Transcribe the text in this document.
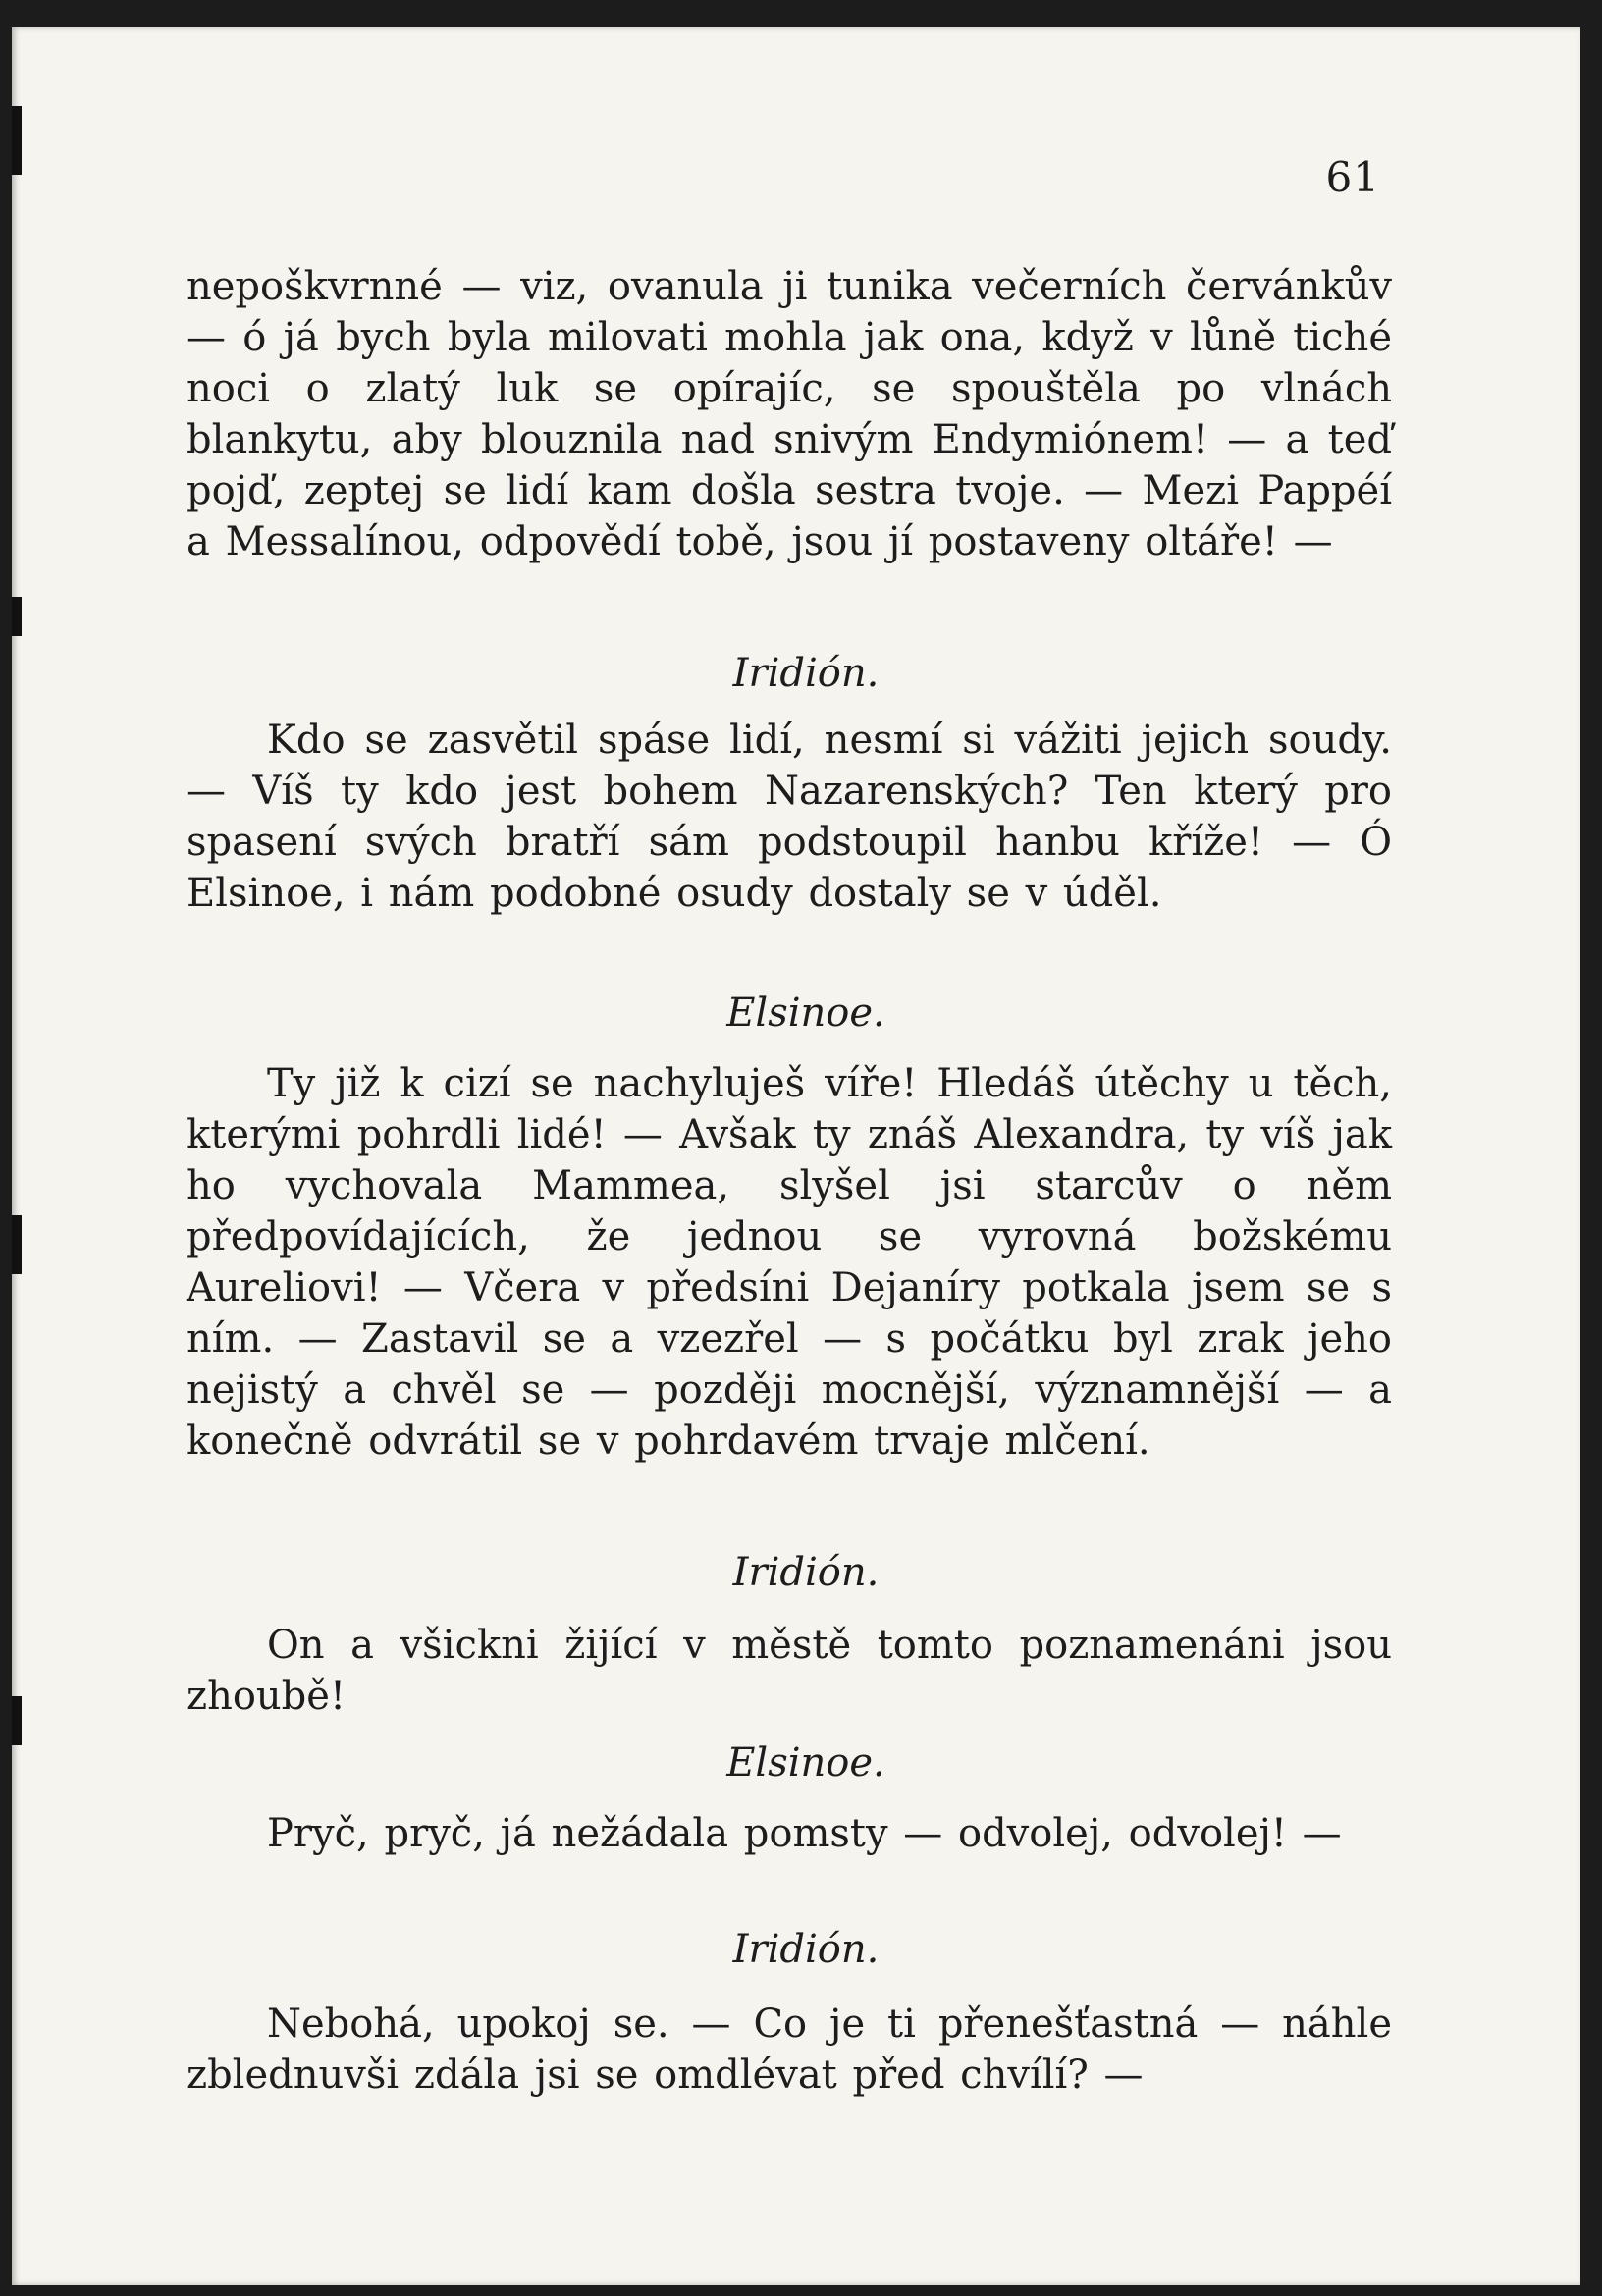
61

nepoškvrnné — viz, ovanula ji tunika večerních červánkův — ó já bych byla milovati mohla jak ona, když v lůně tiché noci o zlatý luk se opírajíc, se spouštěla po vlnách blankytu, aby blouznila nad snivým Endymiónem! — a teď pojď, zeptej se lidí kam došla sestra tvoje. — Mezi Pappéí a Messalínou, odpovědí tobě, jsou jí postaveny oltáře! —

Iridión.

Kdo se zasvětil spáse lidí, nesmí si vážiti jejich soudy. — Víš ty kdo jest bohem Nazarenských? Ten který pro spasení svých bratří sám podstoupil hanbu kříže! — Ó Elsinoe, i nám podobné osudy dostaly se v úděl.

Elsinoe.

Ty již k cizí se nachyluješ víře! Hledáš útěchy u těch, kterými pohrdli lidé! — Avšak ty znáš Alexandra, ty víš jak ho vychovala Mammea, slyšel jsi starcův o něm předpovídajících, že jednou se vyrovná božskému Aureliovi! — Včera v předsíni Dejaníry potkala jsem se s ním. — Zastavil se a vzezřel — s počátku byl zrak jeho nejistý a chvěl se — později mocnější, významnější — a konečně odvrátil se v pohrdavém trvaje mlčení.

Iridión.

On a všickni žijící v městě tomto poznamenáni jsou zhoubě!

Elsinoe.

Pryč, pryč, já nežádala pomsty — odvolej, odvolej! —

Iridión.

Nebohá, upokoj se. — Co je ti přenešťastná — náhle zblednuvši zdála jsi se omdlévat před chvílí? —
